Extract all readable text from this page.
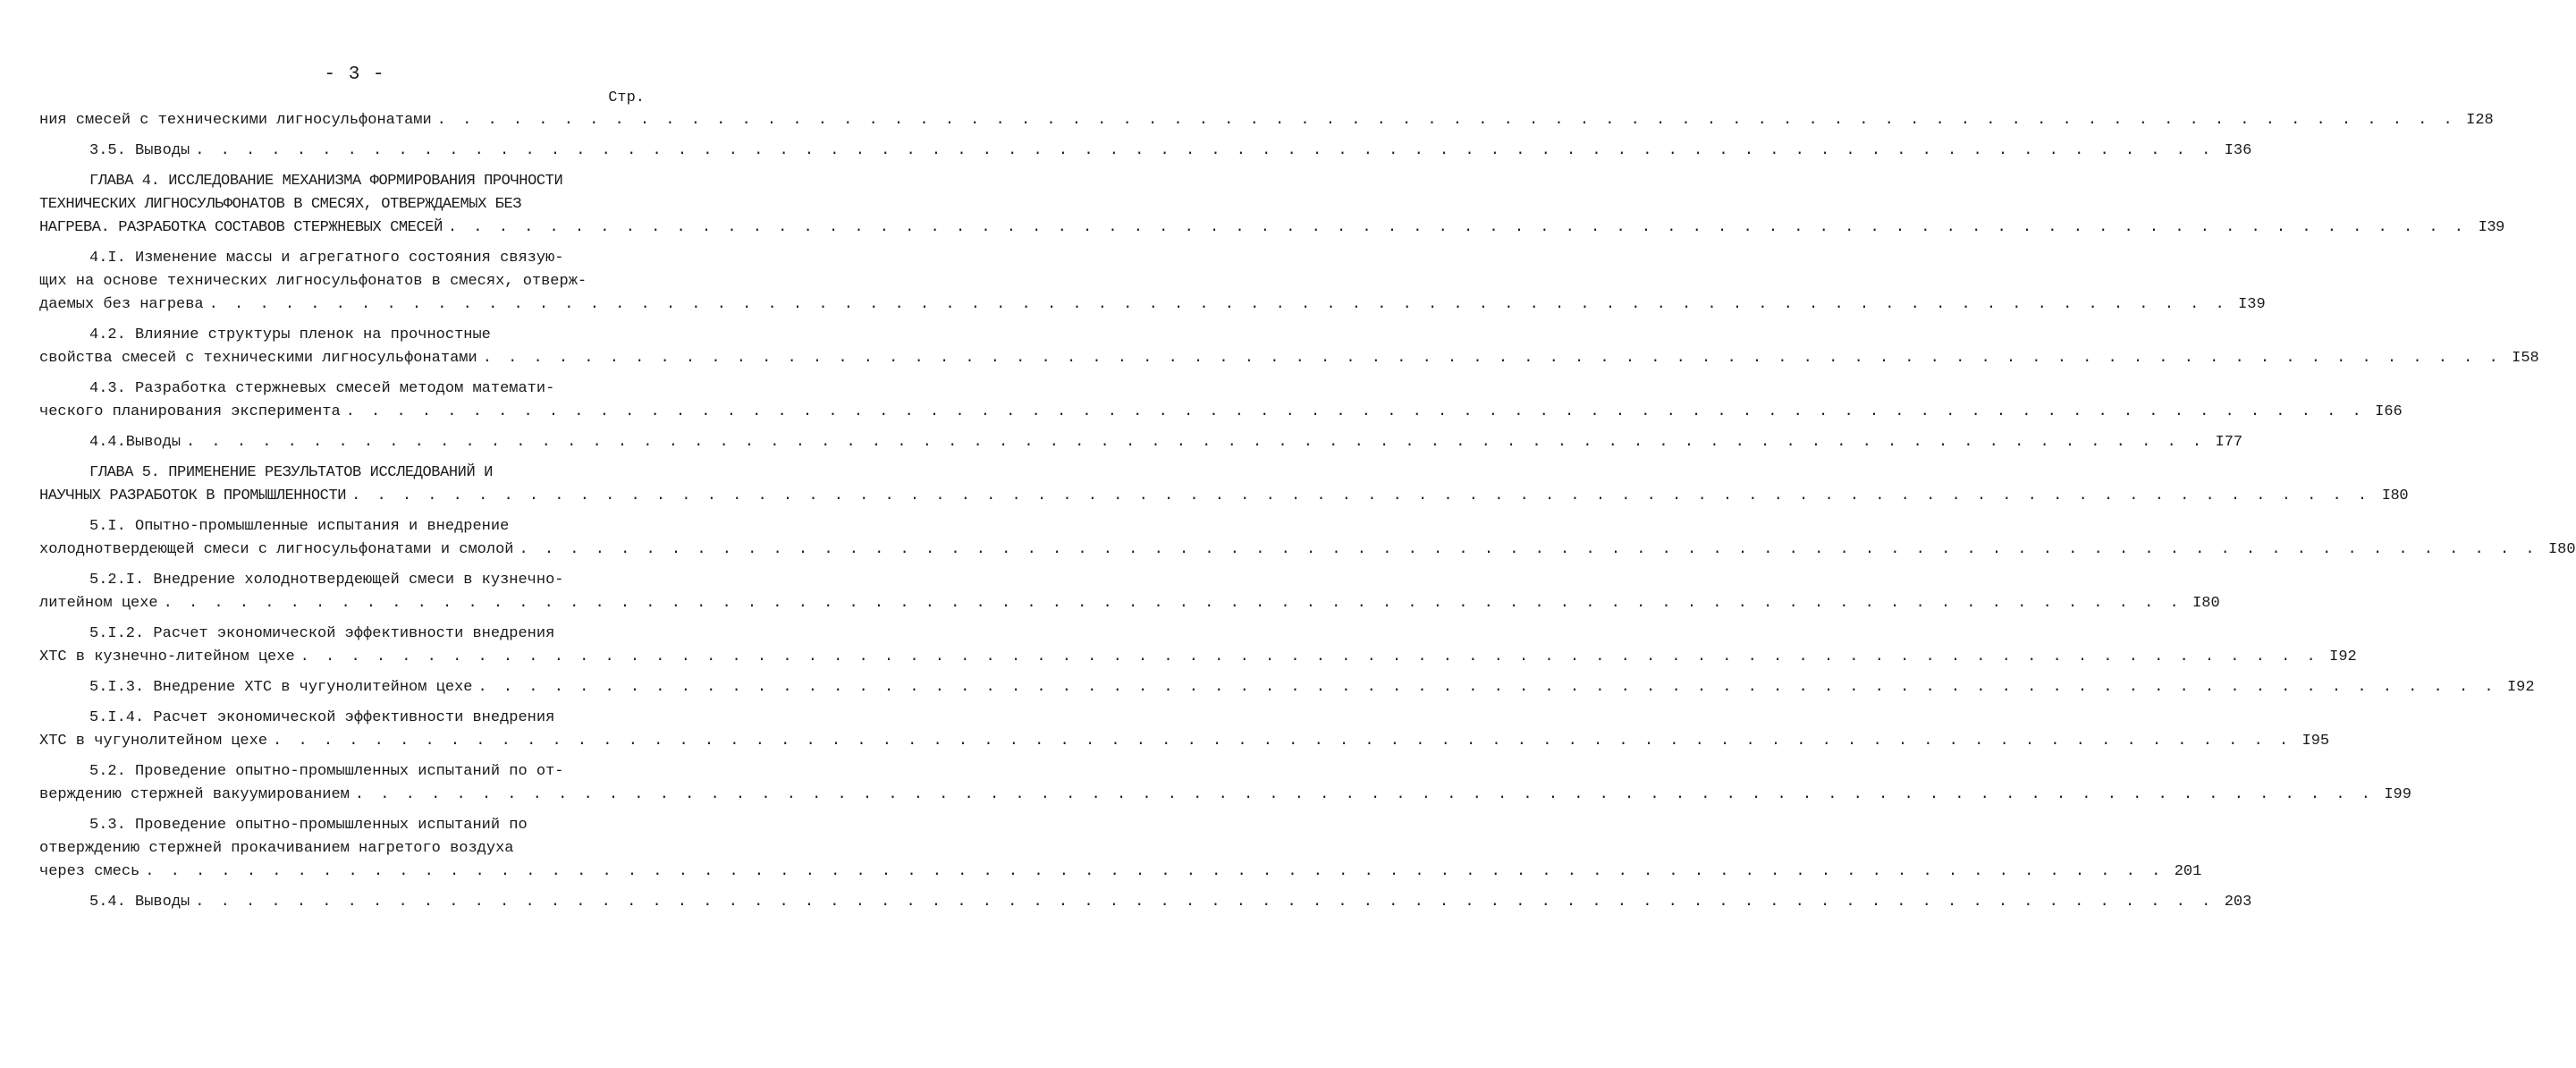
- 3 -
Стр.
ния смесей с техническими лигносульфонатами . . . . . . . . . . . . . . . . . . . . . . . . . . . . . . . . . . . . . . . . . . . . . . . . . . . . . . . . . . . . . . . . . . . . . . . . . . . . . . . . I28
3.5. Выводы . . . . . . . . . . . . . . . . . . . . . . . . . . . . . . . . . . . . . . . . . . . . . . . . . . . . . . . . . . . . . . . . . . . . . . . . . . . . . . . . I36
ГЛАВА 4. ИССЛЕДОВАНИЕ МЕХАНИЗМА ФОРМИРОВАНИЯ ПРОЧНОСТИ
ТЕХНИЧЕСКИХ ЛИГНОСУЛЬФОНАТОВ В СМЕСЯХ, ОТВЕРЖДАЕМЫХ БЕЗ
НАГРЕВА. РАЗРАБОТКА СОСТАВОВ СТЕРЖНЕВЫХ СМЕСЕЙ . . . . . . . . . . . . . . . . . . . . . . . . . . . . . . . . . . . . . . . . . . . . . . . . . . . . . . . . . . . . . . . . . . . . . . . . . . . . . . . . I39
4.I. Изменение массы и агрегатного состояния связую-
щих на основе технических лигносульфонатов в смесях, отверж-
даемых без нагрева . . . . . . . . . . . . . . . . . . . . . . . . . . . . . . . . . . . . . . . . . . . . . . . . . . . . . . . . . . . . . . . . . . . . . . . . . . . . . . . . I39
4.2. Влияние структуры пленок на прочностные
свойства смесей с техническими лигносульфонатами . . . . . . . . . . . . . . . . . . . . . . . . . . . . . . . . . . . . . . . . . . . . . . . . . . . . . . . . . . . . . . . . . . . . . . . . . . . . . . . . I58
4.3. Разработка стержневых смесей методом математи-
ческого планирования эксперимента . . . . . . . . . . . . . . . . . . . . . . . . . . . . . . . . . . . . . . . . . . . . . . . . . . . . . . . . . . . . . . . . . . . . . . . . . . . . . . . . I66
4.4.Выводы . . . . . . . . . . . . . . . . . . . . . . . . . . . . . . . . . . . . . . . . . . . . . . . . . . . . . . . . . . . . . . . . . . . . . . . . . . . . . . . . I77
ГЛАВА 5. ПРИМЕНЕНИЕ РЕЗУЛЬТАТОВ ИССЛЕДОВАНИЙ И
НАУЧНЫХ РАЗРАБОТОК В ПРОМЫШЛЕННОСТИ . . . . . . . . . . . . . . . . . . . . . . . . . . . . . . . . . . . . . . . . . . . . . . . . . . . . . . . . . . . . . . . . . . . . . . . . . . . . . . . . I80
5.I. Опытно-промышленные испытания и внедрение
холоднотвердеющей смеси с лигносульфонатами и смолой . . . . . . . . . . . . . . . . . . . . . . . . . . . . . . . . . . . . . . . . . . . . . . . . . . . . . . . . . . . . . . . . . . . . . . . . . . . . . . . . I80
5.2.I. Внедрение холоднотвердеющей смеси в кузнечно-
литейном цехе . . . . . . . . . . . . . . . . . . . . . . . . . . . . . . . . . . . . . . . . . . . . . . . . . . . . . . . . . . . . . . . . . . . . . . . . . . . . . . . . I80
5.I.2. Расчет экономической эффективности внедрения
ХТС в кузнечно-литейном цехе . . . . . . . . . . . . . . . . . . . . . . . . . . . . . . . . . . . . . . . . . . . . . . . . . . . . . . . . . . . . . . . . . . . . . . . . . . . . . . . . I92
5.I.3. Внедрение ХТС в чугунолитейном цехе . . . . . . . . . . . . . . . . . . . . . . . . . . . . . . . . . . . . . . . . . . . . . . . . . . . . . . . . . . . . . . . . . . . . . . . . . . . . . . . . I92
5.I.4. Расчет экономической эффективности внедрения
ХТС в чугунолитейном цехе . . . . . . . . . . . . . . . . . . . . . . . . . . . . . . . . . . . . . . . . . . . . . . . . . . . . . . . . . . . . . . . . . . . . . . . . . . . . . . . . I95
5.2. Проведение опытно-промышленных испытаний по от-
верждению стержней вакуумированием . . . . . . . . . . . . . . . . . . . . . . . . . . . . . . . . . . . . . . . . . . . . . . . . . . . . . . . . . . . . . . . . . . . . . . . . . . . . . . . . I99
5.3. Проведение опытно-промышленных испытаний по
отверждению стержней прокачиванием нагретого воздуха
через смесь . . . . . . . . . . . . . . . . . . . . . . . . . . . . . . . . . . . . . . . . . . . . . . . . . . . . . . . . . . . . . . . . . . . . . . . . . . . . . . . . 201
5.4. Выводы . . . . . . . . . . . . . . . . . . . . . . . . . . . . . . . . . . . . . . . . . . . . . . . . . . . . . . . . . . . . . . . . . . . . . . . . . . . . . . . . 203
